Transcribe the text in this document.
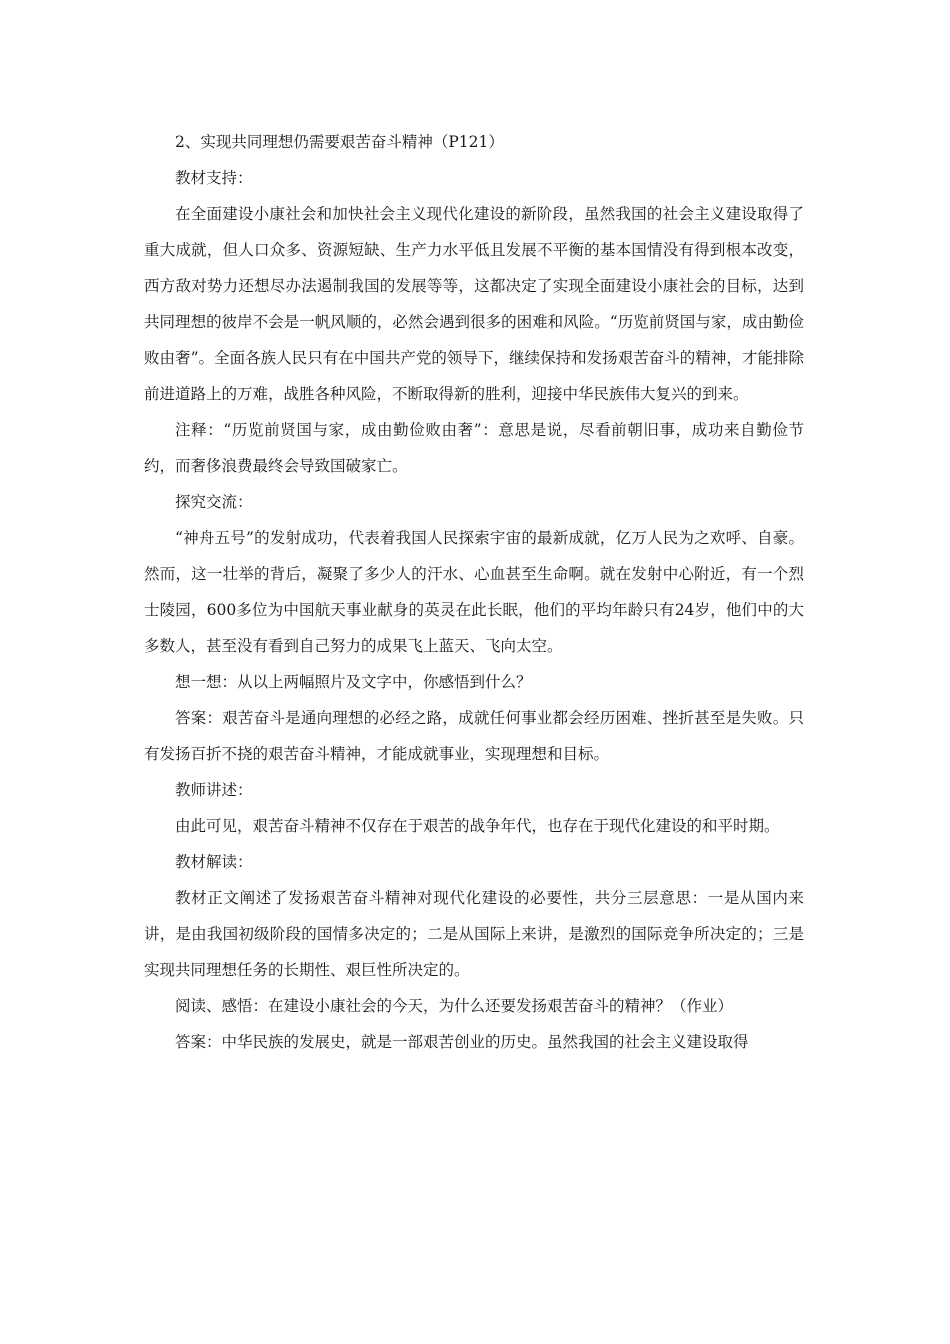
2、实现共同理想仍需要艰苦奋斗精神（P121）

教材支持：

在全面建设小康社会和加快社会主义现代化建设的新阶段，虽然我国的社会主义建设取得了重大成就，但人口众多、资源短缺、生产力水平低且发展不平衡的基本国情没有得到根本改变，西方敌对势力还想尽办法遏制我国的发展等等，这都决定了实现全面建设小康社会的目标，达到共同理想的彼岸不会是一帆风顺的，必然会遇到很多的困难和风险。“历览前贤国与家，成由勤俭败由奢”。全面各族人民只有在中国共产党的领导下，继续保持和发扬艰苦奋斗的精神，才能排除前进道路上的万难，战胜各种风险，不断取得新的胜利，迎接中华民族伟大复兴的到来。

注释：“历览前贤国与家，成由勤俭败由奢”：意思是说，尽看前朝旧事，成功来自勤俭节约，而奢侈浪费最终会导致国破家亡。

探究交流：

“神舟五号”的发射成功，代表着我国人民探索宇宙的最新成就，亿万人民为之欢呼、自豪。然而，这一壮举的背后，凝聚了多少人的汗水、心血甚至生命啊。就在发射中心附近，有一个烈士陵园，600多位为中国航天事业献身的英灵在此长眠，他们的平均年龄只有24岁，他们中的大多数人，甚至没有看到自己努力的成果飞上蓝天、飞向太空。

想一想：从以上两幅照片及文字中，你感悟到什么？

答案：艰苦奋斗是通向理想的必经之路，成就任何事业都会经历困难、挫折甚至是失败。只有发扬百折不挠的艰苦奋斗精神，才能成就事业，实现理想和目标。

教师讲述：

由此可见，艰苦奋斗精神不仅存在于艰苦的战争年代，也存在于现代化建设的和平时期。

教材解读：

教材正文阐述了发扬艰苦奋斗精神对现代化建设的必要性，共分三层意思：一是从国内来讲，是由我国初级阶段的国情多决定的；二是从国际上来讲，是激烈的国际竞争所决定的；三是实现共同理想任务的长期性、艰巨性所决定的。

阅读、感悟：在建设小康社会的今天，为什么还要发扬艰苦奋斗的精神？（作业）

答案：中华民族的发展史，就是一部艰苦创业的历史。虽然我国的社会主义建设取得
